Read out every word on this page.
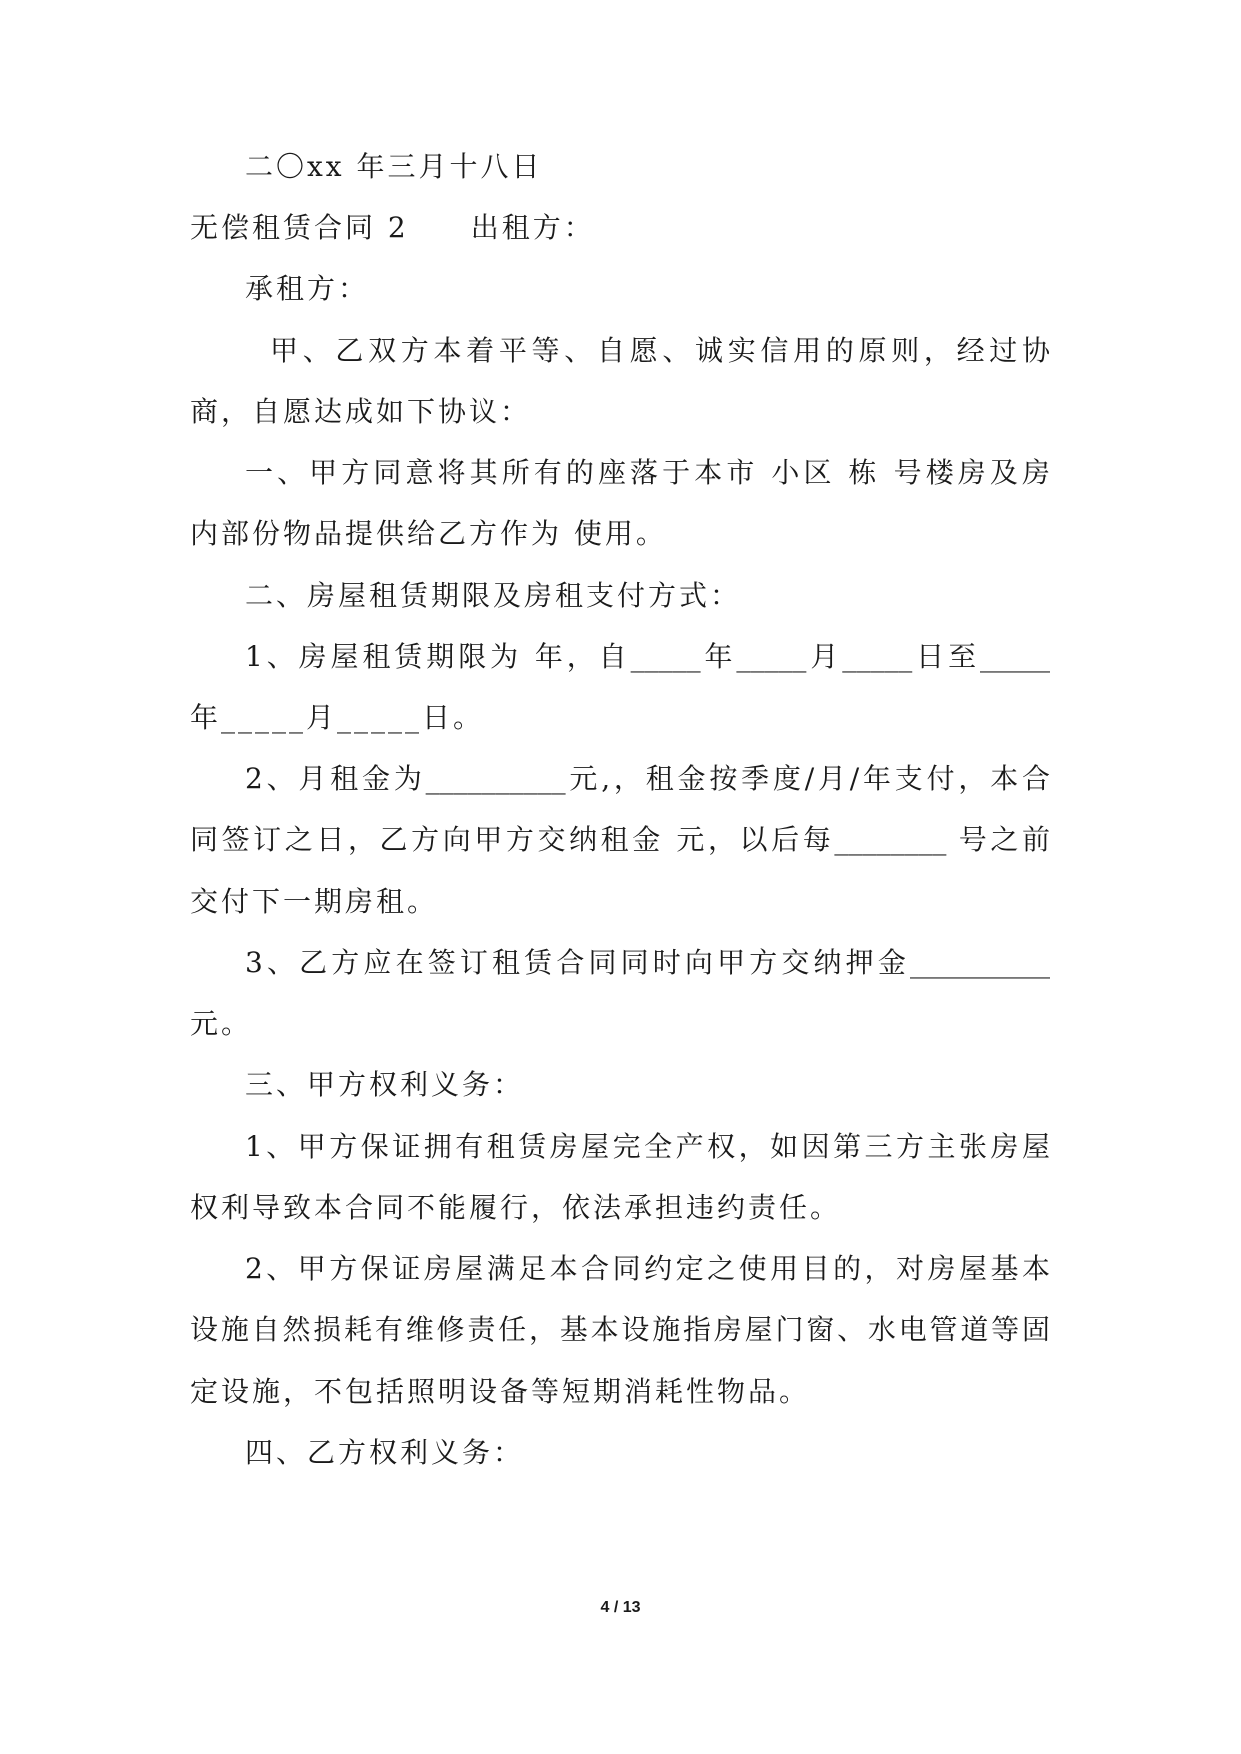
二〇xx 年三月十八日

无偿租赁合同 2　　出租方：

承租方：

甲、乙双方本着平等、自愿、诚实信用的原则，经过协

商，自愿达成如下协议：

一、甲方同意将其所有的座落于本市 小区 栋 号楼房及房

内部份物品提供给乙方作为 使用。

二、房屋租赁期限及房租支付方式：

1、房屋租赁期限为 年，自_____年_____月_____日至_____

年_____月_____日。

2、月租金为__________元,，租金按季度/月/年支付，本合

同签订之日，乙方向甲方交纳租金 元，以后每________ 号之前

交付下一期房租。

3、乙方应在签订租赁合同同时向甲方交纳押金__________

元。

三、甲方权利义务：

1、甲方保证拥有租赁房屋完全产权，如因第三方主张房屋

权利导致本合同不能履行，依法承担违约责任。

2、甲方保证房屋满足本合同约定之使用目的，对房屋基本

设施自然损耗有维修责任，基本设施指房屋门窗、水电管道等固

定设施，不包括照明设备等短期消耗性物品。

四、乙方权利义务：

4 / 13
